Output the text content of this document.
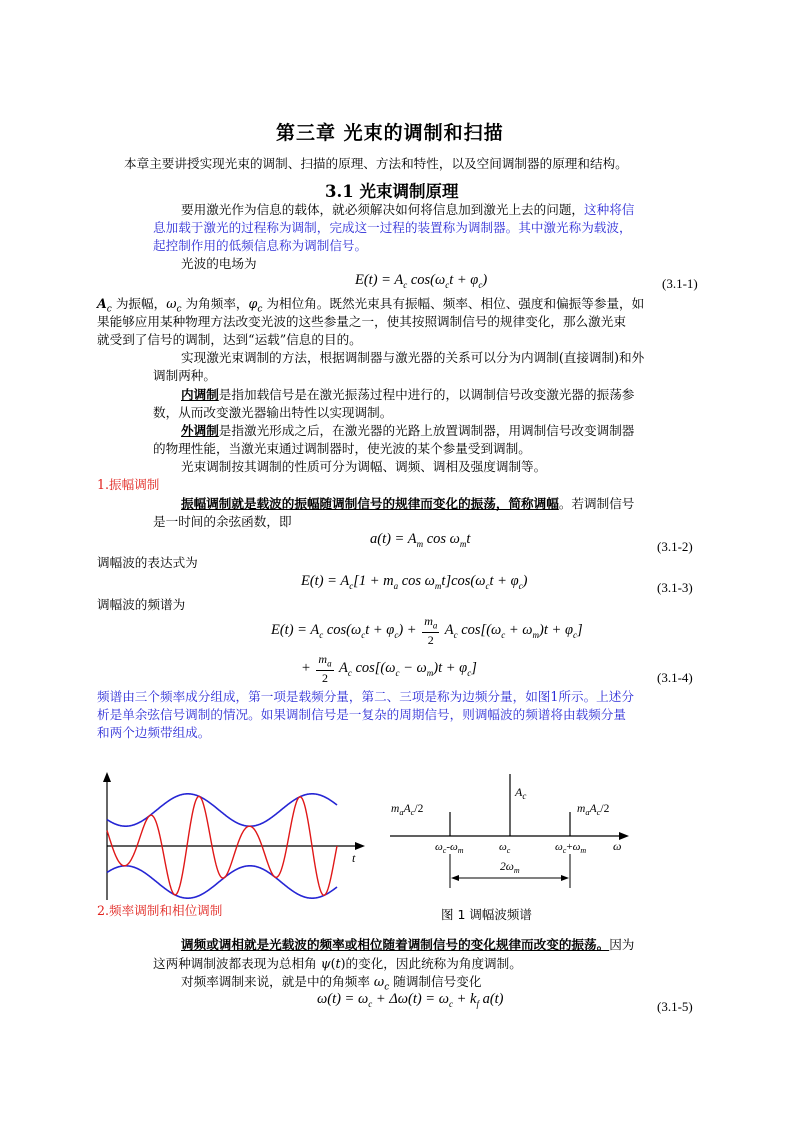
第三章 光束的调制和扫描
本章主要讲授实现光束的调制、扫描的原理、方法和特性，以及空间调制器的原理和结构。
3.1 光束调制原理
要用激光作为信息的载体，就必须解决如何将信息加到激光上去的问题，这种将信
息加载于激光的过程称为调制，完成这一过程的装置称为调制器。其中激光称为载波，
起控制作用的低频信息称为调制信号。
光波的电场为
$E(t) = A_c$ $\cos(\omega_ct + \varphi_c)$	(3.1-1)
$A_c$ 为振幅，$\omega_c$ 为角频率，$\varphi_c$ 为相位角。既然光束具有振幅、频率、相位、强度和偏振等参量，如
果能够应用某种物理方法改变光波的这些参量之一，使其按照调制信号的规律变化，那么激光束
就受到了信号的调制，达到“运载”信息的目的。
实现激光束调制的方法，根据调制器与激光器的关系可以分为内调制(直接调制)和外
调制两种。
内调制是指加载信号是在激光振荡过程中进行的，以调制信号改变激光器的振荡参
数，从而改变激光器输出特性以实现调制。
外调制是指激光形成之后，在激光器的光路上放置调制器，用调制信号改变调制器
的物理性能，当激光束通过调制器时，使光波的某个参量受到调制。
光束调制按其调制的性质可分为调幅、调频、调相及强度调制等。
1.振幅调制
振幅调制就是载波的振幅随调制信号的规律而变化的振荡，简称调幅。若调制信号
是一时间的余弦函数，即
$a(t) = A_m$ $\cos \omega_mt$	(3.1-2)
调幅波的表达式为
$E(t) = A_c[1 + m_a$ $\cos \omega_mt]\cos(\omega_ct + \varphi_c)$	(3.1-3)
调幅波的频谱为
$E(t) = A_c$ $\cos(\omega_ct + \varphi_c) + \frac{m_a}{2} A_c$ $\cos[(\omega_c + \omega_m)t + \varphi_c]$
+ $\frac{m_a}{2} A_c$ $\cos[(\omega_c - \omega_m)t + \varphi_c]$
(3.1-4)
频谱由三个频率成分组成，第一项是载频分量，第二、三项是称为边频分量，如图1所示。上述分
析是单余弦信号调制的情况。如果调制信号是一复杂的周期信号，则调幅波的频谱将由载频分量
和两个边频带组成。
t
$A_c$
$m_aA_c/2$	$m_aA_c/2$
$\omega_c-\omega_m$	$\omega_c$	$\omega_c+\omega_m$ ω
$2\omega_m$
2.频率调制和相位调制	图 1 调幅波频谱
调频或调相就是光载波的频率或相位随着调制信号的变化规律而改变的振荡。因为
这两种调制波都表现为总相角 ψ(t)的变化，因此统称为角度调制。
对频率调制来说，就是中的角频率 $\omega_c$ 随调制信号变化
$\omega(t) = \omega_c + \Delta\omega(t) = \omega_c + k_f$ a(t)	(3.1-5)
